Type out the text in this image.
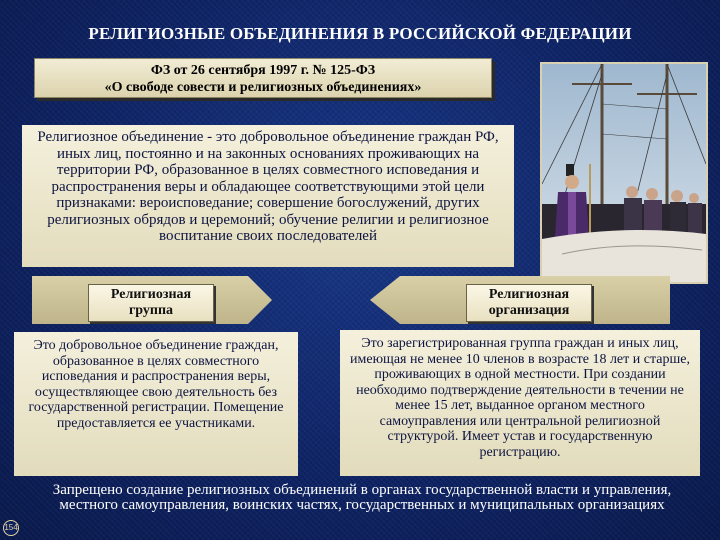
РЕЛИГИОЗНЫЕ ОБЪЕДИНЕНИЯ В РОССИЙСКОЙ ФЕДЕРАЦИИ
ФЗ от 26 сентября 1997 г. № 125-ФЗ
«О свободе совести и религиозных объединениях»
Религиозное объединение - это добровольное объединение граждан РФ, иных лиц, постоянно и на законных основаниях проживающих на территории РФ, образованное в целях совместного исповедания и распространения веры и обладающее соответствующими этой цели признаками: вероисповедание; совершение богослужений, других религиозных обрядов и церемоний; обучение религии и религиозное воспитание своих последователей
Религиозная
группа
Религиозная
организация
Это добровольное объединение граждан, образованное в целях совместного исповедания и распространения веры, осуществляющее свою деятельность без государственной регистрации. Помещение предоставляется ее участниками.
Это зарегистрированная группа граждан и иных лиц, имеющая не менее 10 членов в возрасте 18 лет и старше, проживающих в одной местности. При создании необходимо подтверждение деятельности в течении не менее 15 лет, выданное органом местного самоуправления или центральной религиозной структурой. Имеет устав и государственную регистрацию.
Запрещено создание религиозных объединений в органах государственной власти и управления, местного самоуправления, воинских частях, государственных и муниципальных организациях
154
